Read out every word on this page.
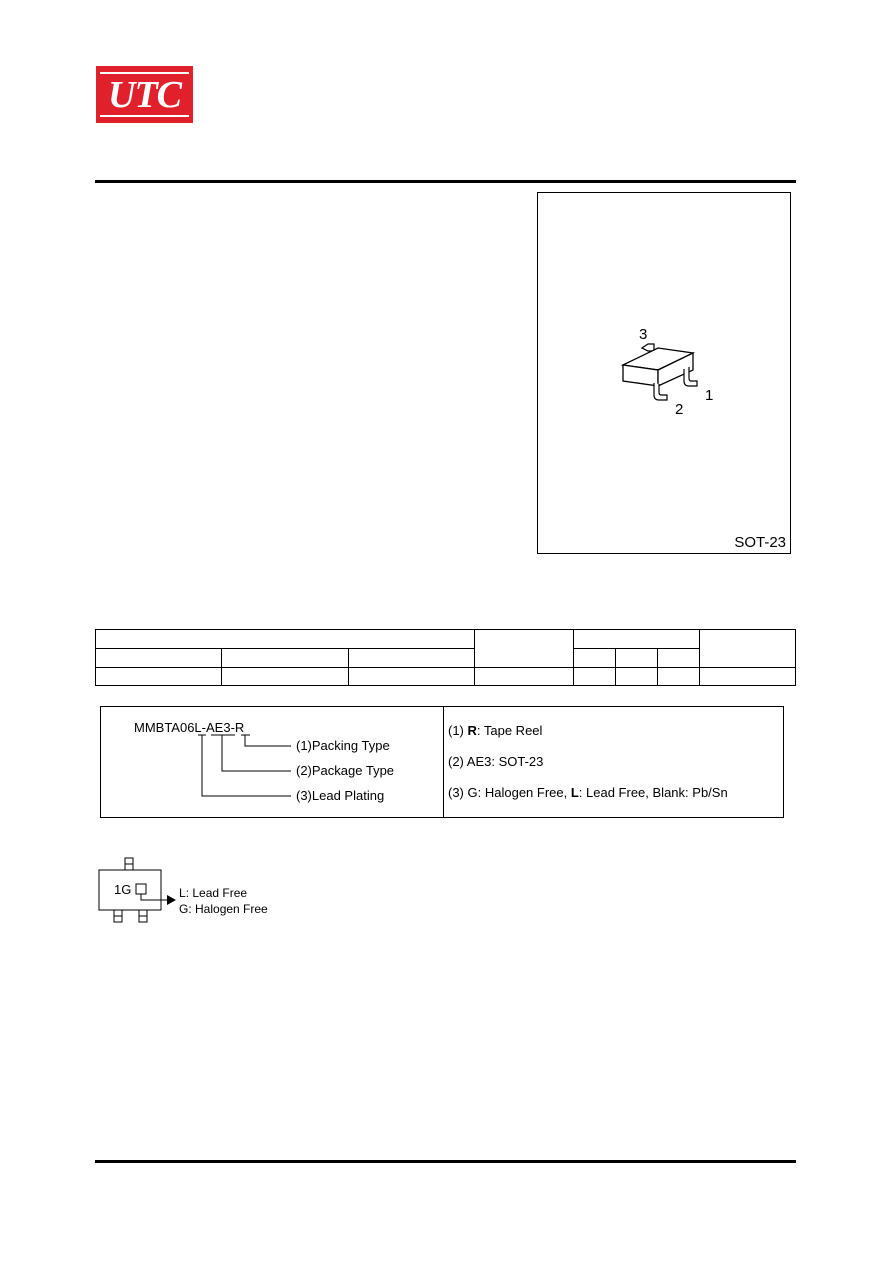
UTC
3
2
1
SOT-23

MMBTA06L-AE3-R
(1)Packing Type
(2)Package Type
(3)Lead Plating
(1) R: Tape Reel
(2) AE3: SOT-23
(3) G: Halogen Free, L: Lead Free, Blank: Pb/Sn
1G	L: Lead Free
G: Halogen Free
